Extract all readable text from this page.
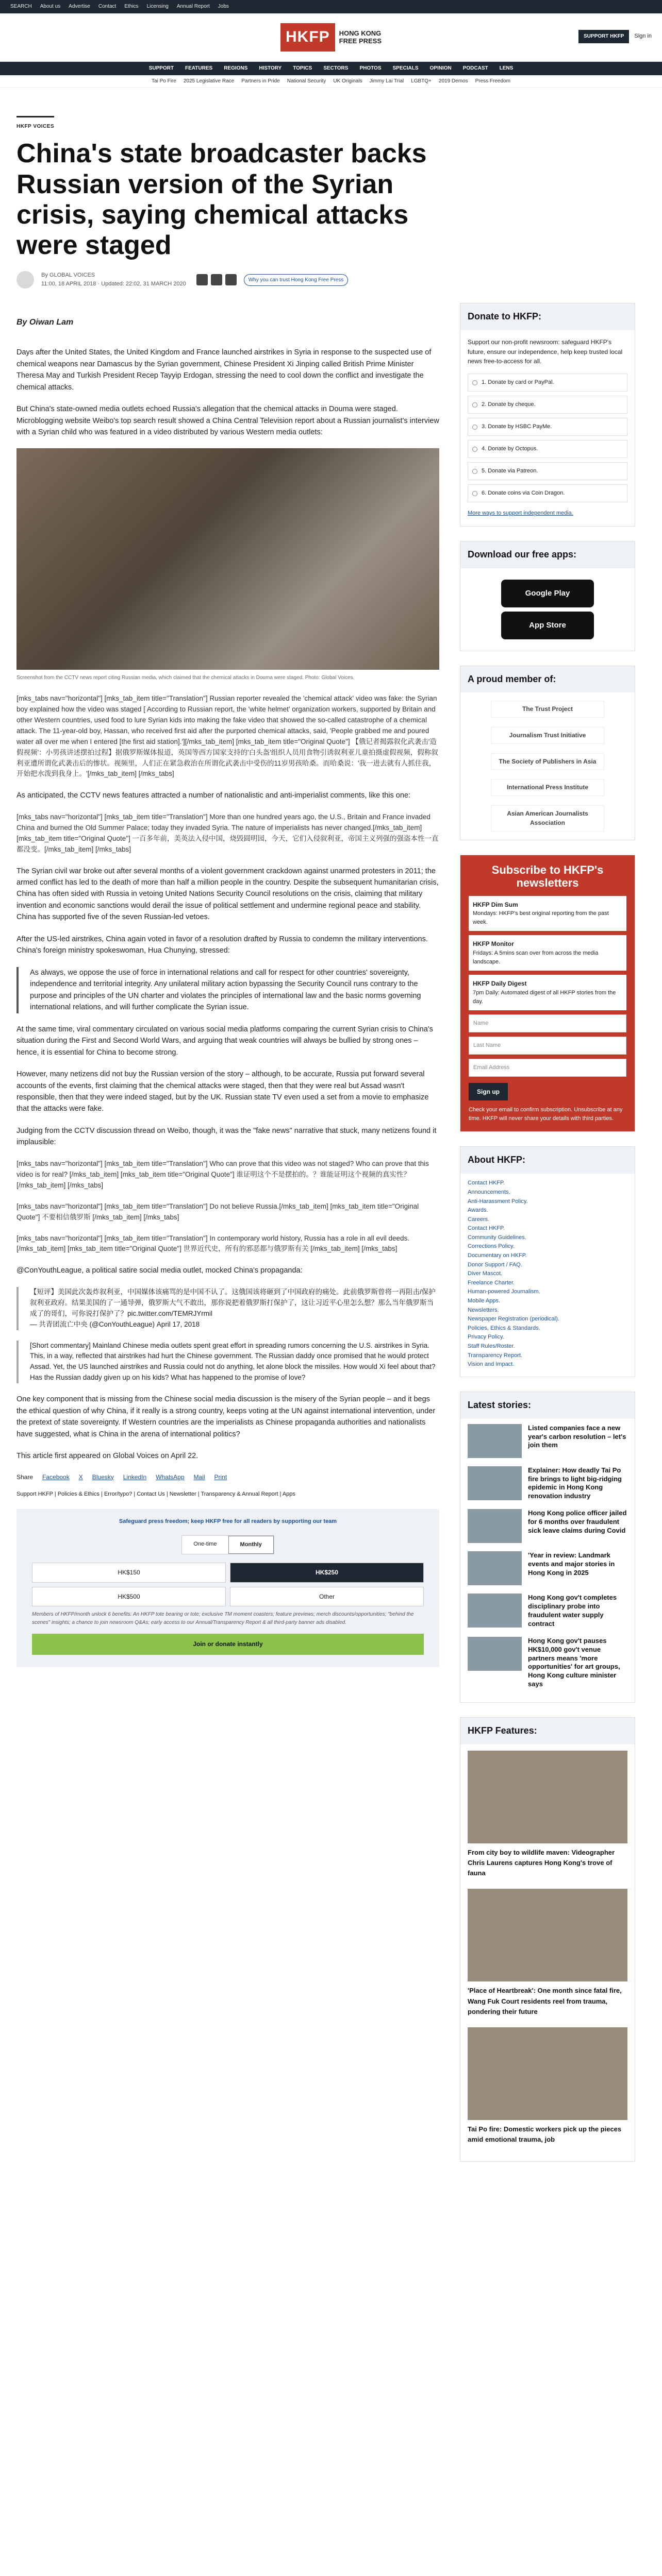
SEARCH About us Advertise Contact Ethics Licensing Annual Report Jobs
HKFP	HONG KONG
FREE PRESS
SUPPORT HKFP	Sign in
SUPPORT FEATURES REGIONS HISTORY TOPICS SECTORS PHOTOS SPECIALS OPINION PODCAST LENS
Tai Po Fire 2025 Legislative Race Partners in Pride National Security UK Originals Jimmy Lai Trial LGBTQ+ 2019 Demos Press Freedom
HKFP VOICES
China's state broadcaster backs Russian version of the Syrian crisis, saying chemical attacks were staged
By GLOBAL VOICES
11:00, 18 APRIL 2018 · Updated: 22:02, 31 MARCH 2020
Why you can trust Hong Kong Free Press
By Oiwan Lam

Days after the United States, the United Kingdom and France launched airstrikes in Syria in response to the suspected use of chemical weapons near Damascus by the Syrian government, Chinese President Xi Jinping called British Prime Minister Theresa May and Turkish President Recep Tayyip Erdogan, stressing the need to cool down the conflict and investigate the chemical attacks.

But China's state-owned media outlets echoed Russia's allegation that the chemical attacks in Douma were staged. Microblogging website Weibo's top search result showed a China Central Television report about a Russian journalist's interview with a Syrian child who was featured in a video distributed by various Western media outlets:

Screenshot from the CCTV news report citing Russian media, which claimed that the chemical attacks in Douma were staged. Photo: Global Voices.
[mks_tabs nav="horizontal"] [mks_tab_item title="Translation"] Russian reporter revealed the 'chemical attack' video was fake: the Syrian boy explained how the video was staged [ According to Russian report, the 'white helmet' organization workers, supported by Britain and other Western countries, used food to lure Syrian kids into making the fake video that showed the so-called catastrophe of a chemical attack. The 11-year-old boy, Hassan, who received first aid after the purported chemical attacks, said, 'People grabbed me and poured water all over me when I entered [the first aid station].'][/mks_tab_item] [mks_tab_item title="Original Quote"] 【俄记者揭露叙化武袭击'造假视频'：小男孩讲述摆拍过程】据俄罗斯媒体报道，英国等西方国家支持的'白头盔'组织人员用食物引诱叙利亚儿童拍摄虚假视频，假称叙利亚遭所谓化武袭击后的惨状。视频里，人们正在紧急救治在所谓化武袭击中受伤的11岁男孩哈桑。而哈桑说：'我一进去就有人抓住我，开始把水泼到我身上。'[/mks_tab_item] [/mks_tabs]

As anticipated, the CCTV news features attracted a number of nationalistic and anti-imperialist comments, like this one:

[mks_tabs nav="horizontal"] [mks_tab_item title="Translation"] More than one hundred years ago, the U.S., Britain and France invaded China and burned the Old Summer Palace; today they invaded Syria. The nature of imperialists has never changed.[/mks_tab_item] [mks_tab_item title="Original Quote"] 一百多年前，美英法入侵中国，烧毁圆明园，今天，它们入侵叙利亚，帝国主义列强的强盗本性一直都没变。[/mks_tab_item] [/mks_tabs]

The Syrian civil war broke out after several months of a violent government crackdown against unarmed protesters in 2011; the armed conflict has led to the death of more than half a million people in the country. Despite the subsequent humanitarian crisis, China has often sided with Russia in vetoing United Nations Security Council resolutions on the crisis, claiming that military invention and economic sanctions would derail the issue of political settlement and undermine regional peace and stability. China has supported five of the seven Russian-led vetoes.

After the US-led airstrikes, China again voted in favor of a resolution drafted by Russia to condemn the military interventions. China's foreign ministry spokeswoman, Hua Chunying, stressed:

As always, we oppose the use of force in international relations and call for respect for other countries' sovereignty, independence and territorial integrity. Any unilateral military action bypassing the Security Council runs contrary to the purpose and principles of the UN charter and violates the principles of international law and the basic norms governing international relations, and will further complicate the Syrian issue.

At the same time, viral commentary circulated on various social media platforms comparing the current Syrian crisis to China's situation during the First and Second World Wars, and arguing that weak countries will always be bullied by strong ones – hence, it is essential for China to become strong.

However, many netizens did not buy the Russian version of the story – although, to be accurate, Russia put forward several accounts of the events, first claiming that the chemical attacks were staged, then that they were real but Assad wasn't responsible, then that they were indeed staged, but by the UK. Russian state TV even used a set from a movie to emphasize that the attacks were fake.

Judging from the CCTV discussion thread on Weibo, though, it was the "fake news" narrative that stuck, many netizens found it implausible:

[mks_tabs nav="horizontal"] [mks_tab_item title="Translation"] Who can prove that this video was not staged? Who can prove that this video is for real? [/mks_tab_item] [mks_tab_item title="Original Quote"] 谁证明这个不是摆拍的。？谁能证明这个视频的真实性？[/mks_tab_item] [/mks_tabs]
[mks_tabs nav="horizontal"] [mks_tab_item title="Translation"] Do not believe Russia.[/mks_tab_item] [mks_tab_item title="Original Quote"] 不要相信俄罗斯 [/mks_tab_item] [/mks_tabs]
[mks_tabs nav="horizontal"] [mks_tab_item title="Translation"] In contemporary world history, Russia has a role in all evil deeds.[/mks_tab_item] [mks_tab_item title="Original Quote"] 世界近代史，所有的邪恶都与俄罗斯有关 [/mks_tab_item] [/mks_tabs]

@ConYouthLeague, a political satire social media outlet, mocked China's propaganda:

【短评】美国此次轰炸叙利亚，中国媒体该痛骂的是中国不认了。这俄国该将砸到了中国政府的痛处。此前俄罗斯曾将一再阻击/保护叙利亚政府。结果美国的了一通导弹，俄罗斯大气不敢出，那你说把着俄罗斯打保护了，这让习近平心里怎么想？那么当年俄罗斯当成了的哥们，可你说打保护了？pic.twitter.com/TEMRJYrmil
— 共青团流亡中央 (@ConYouthLeague) April 17, 2018
[Short commentary] Mainland Chinese media outlets spent great effort in spreading rumors concerning the U.S. airstrikes in Syria. This, in a way, reflected that airstrikes had hurt the Chinese government. The Russian daddy once promised that he would protect Assad. Yet, the US launched airstrikes and Russia could not do anything, let alone block the missiles. How would Xi feel about that? Has the Russian daddy given up on his kids? What has happened to the promise of love?

One key component that is missing from the Chinese social media discussion is the misery of the Syrian people – and it begs the ethical question of why China, if it really is a strong country, keeps voting at the UN against international intervention, under the pretext of state sovereignty. If Western countries are the imperialists as Chinese propaganda authorities and nationalists have suggested, what is China in the arena of international politics?

This article first appeared on Global Voices on April 22.

Share Facebook X Bluesky LinkedIn WhatsApp Mail Print
Support HKFP | Policies & Ethics | Error/typo? | Contact Us | Newsletter | Transparency & Annual Report | Apps
Safeguard press freedom; keep HKFP free for all readers by supporting our team
One-time	Monthly
HK$150	HK$250
HK$500	Other
Members of HKFP/month unlock 6 benefits: An HKFP tote bearing or tote; exclusive TM moment coasters; feature previews; merch discounts/opportunities; "behind the scenes" insights; a chance to join newsroom Q&As; early access to our Annual/Transparency Report & all third-party banner ads disabled.
Join or donate instantly
Donate to HKFP:

Support our non-profit newsroom: safeguard HKFP's future, ensure our independence, help keep trusted local news free-to-access for all.

1. Donate by card or PayPal.
2. Donate by cheque.
3. Donate by HSBC PayMe.
4. Donate by Octopus.
5. Donate via Patreon.
6. Donate coins via Coin Dragon.
More ways to support independent media.
Download our free apps:
Google Play
App Store
A proud member of:
The Trust Project
Journalism Trust Initiative
The Society of Publishers in Asia
International Press Institute
Asian American Journalists Association
Subscribe to HKFP's newsletters
HKFP Dim Sum
Mondays: HKFP's best original reporting from the past week.
HKFP Monitor
Fridays: A 5mins scan over from across the media landscape.
HKFP Daily Digest
7pm Daily: Automated digest of all HKFP stories from the day.
Name
Last Name
Email Address
Sign up
Check your email to confirm subscription. Unsubscribe at any time. HKFP will never share your details with third parties.
About HKFP:
Contact HKFP.
Announcements.
Anti-Harassment Policy.
Awards.
Careers.
Contact HKFP.
Community Guidelines.
Corrections Policy.
Documentary on HKFP.
Donor Support / FAQ.
Diver Mascot.
Freelance Charter.
Human-powered Journalism.
Mobile Apps.
Newsletters.
Newspaper Registration (periodical).
Policies, Ethics & Standards.
Privacy Policy.
Staff Rules/Roster.
Transparency Report.
Vision and Impact.
Latest stories:
Listed companies face a new year's carbon resolution – let's join them
Explainer: How deadly Tai Po fire brings to light big-ridging epidemic in Hong Kong renovation industry
Hong Kong police officer jailed for 6 months over fraudulent sick leave claims during Covid
'Year in review: Landmark events and major stories in Hong Kong in 2025
Hong Kong gov't completes disciplinary probe into fraudulent water supply contract
Hong Kong gov't pauses HK$10,000 gov't venue partners means 'more opportunities' for art groups, Hong Kong culture minister says
HKFP Features:
From city boy to wildlife maven: Videographer Chris Laurens captures Hong Kong's trove of fauna
'Place of Heartbreak': One month since fatal fire, Wang Fuk Court residents reel from trauma, pondering their future
Tai Po fire: Domestic workers pick up the pieces amid emotional trauma, job
